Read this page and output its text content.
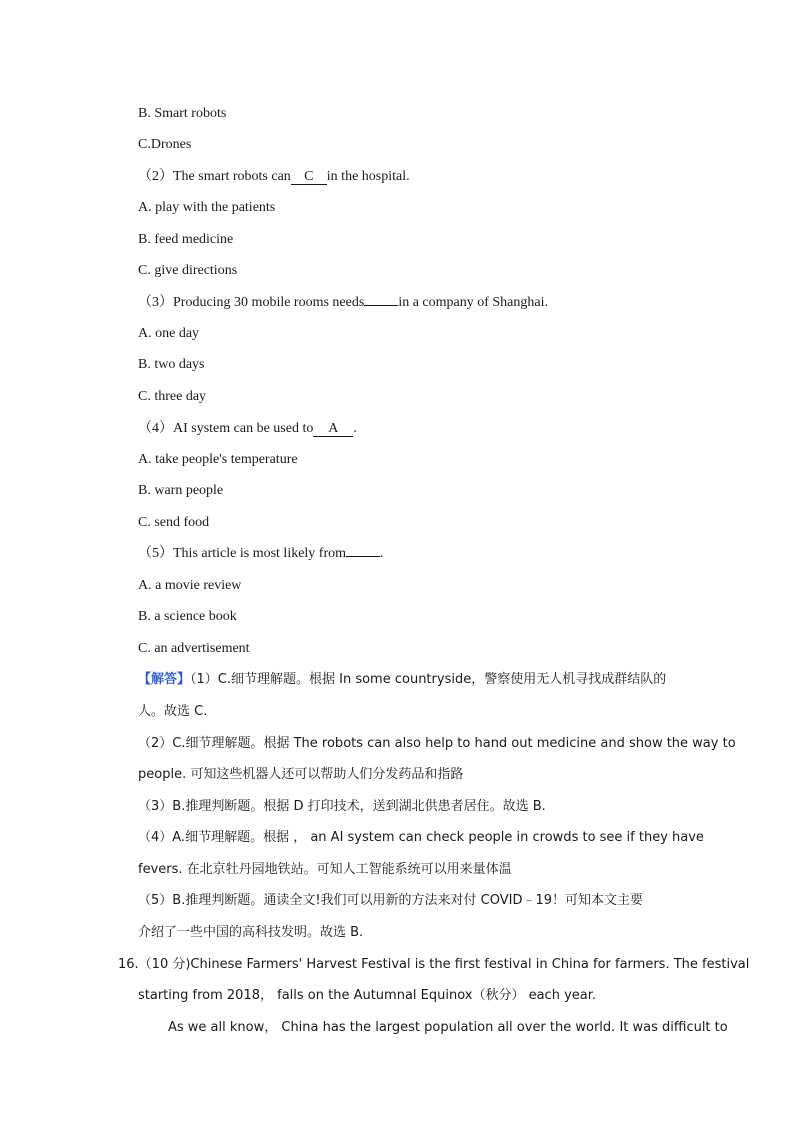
B. Smart robots
C.Drones
（2）The smart robots can C in the hospital.
A. play with the patients
B. feed medicine
C. give directions
（3）Producing 30 mobile rooms needs in a company of Shanghai.
A. one day
B. two days
C. three day
（4）AI system can be used to A .
A. take people's temperature
B. warn people
C. send food
（5）This article is most likely from .
A. a movie review
B. a science book
C. an advertisement
【解答】（1）C.细节理解题。根据 In some countryside，警察使用无人机寻找成群结队的
人。故选 C.
（2）C.细节理解题。根据 The robots can also help to hand out medicine and show the way to
people. 可知这些机器人还可以帮助人们分发药品和指路
（3）B.推理判断题。根据 D 打印技术，送到湖北供患者居住。故选 B.
（4）A.细节理解题。根据 ， an AI system can check people in crowds to see if they have
fevers. 在北京牡丹园地铁站。可知人工智能系统可以用来量体温
（5）B.推理判断题。通读全文!我们可以用新的方法来对付 COVID﹣19！可知本文主要
介绍了一些中国的高科技发明。故选 B.
16.（10 分)Chinese Farmers' Harvest Festival is the first festival in China for farmers. The festival
starting from 2018， falls on the Autumnal Equinox（秋分） each year.
As we all know， China has the largest population all over the world. It was difficult to
